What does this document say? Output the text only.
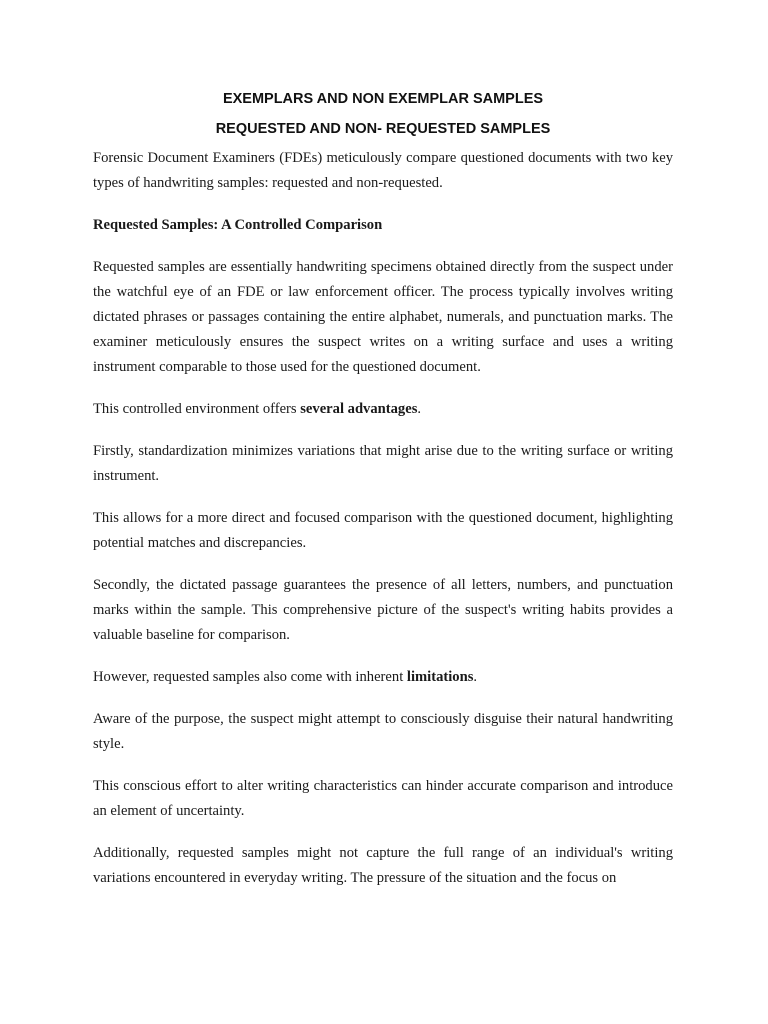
EXEMPLARS AND NON EXEMPLAR SAMPLES
REQUESTED AND NON- REQUESTED SAMPLES

Forensic Document Examiners (FDEs) meticulously compare questioned documents with two key types of handwriting samples: requested and non-requested.

Requested Samples: A Controlled Comparison

Requested samples are essentially handwriting specimens obtained directly from the suspect under the watchful eye of an FDE or law enforcement officer. The process typically involves writing dictated phrases or passages containing the entire alphabet, numerals, and punctuation marks. The examiner meticulously ensures the suspect writes on a writing surface and uses a writing instrument comparable to those used for the questioned document.

This controlled environment offers several advantages.

Firstly, standardization minimizes variations that might arise due to the writing surface or writing instrument.

This allows for a more direct and focused comparison with the questioned document, highlighting potential matches and discrepancies.

Secondly, the dictated passage guarantees the presence of all letters, numbers, and punctuation marks within the sample. This comprehensive picture of the suspect's writing habits provides a valuable baseline for comparison.

However, requested samples also come with inherent limitations.

Aware of the purpose, the suspect might attempt to consciously disguise their natural handwriting style.

This conscious effort to alter writing characteristics can hinder accurate comparison and introduce an element of uncertainty.

Additionally, requested samples might not capture the full range of an individual's writing variations encountered in everyday writing. The pressure of the situation and the focus on
